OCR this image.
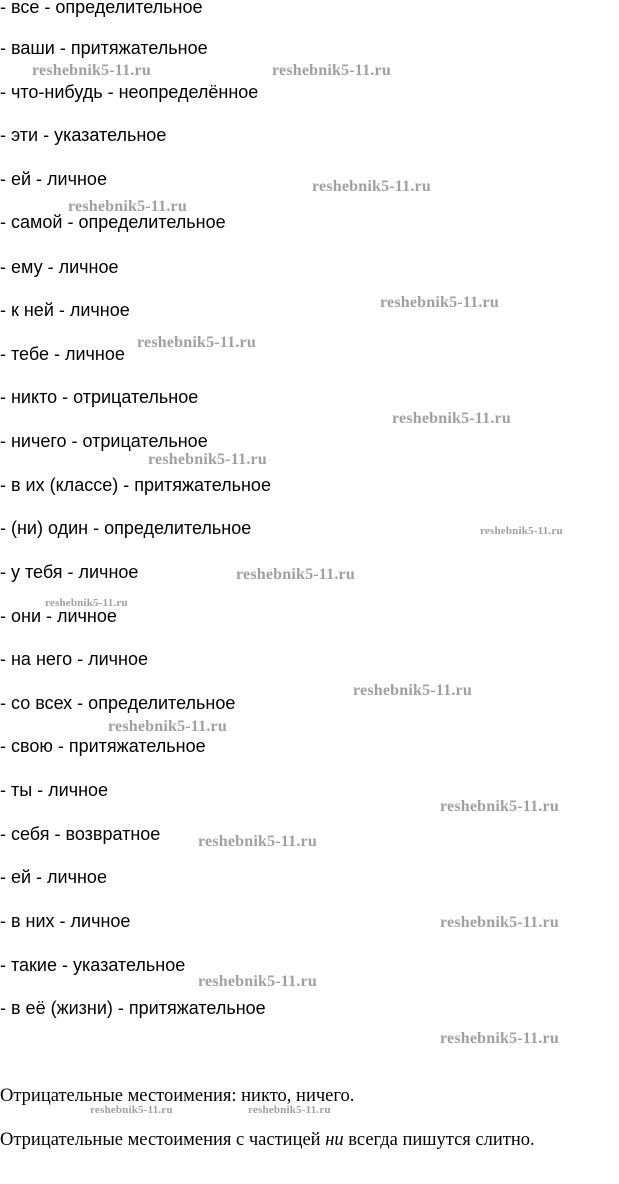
- все - определительное
- ваши - притяжательное
- что-нибудь - неопределённое
- эти - указательное
- ей - личное
- самой - определительное
- ему - личное
- к ней - личное
- тебе - личное
- никто - отрицательное
- ничего - отрицательное
- в их (классе) - притяжательное
- (ни) один - определительное
- у тебя - личное
- они - личное
- на него - личное
- со всех - определительное
- свою - притяжательное
- ты - личное
- себя - возвратное
- ей - личное
- в них - личное
- такие - указательное
- в её (жизни) - притяжательное

Отрицательные местоимения: никто, ничего.

Отрицательные местоимения с частицей ни всегда пишутся слитно.

reshebnik5-11.ru	reshebnik5-11.ru
reshebnik5-11.ru
reshebnik5-11.ru
reshebnik5-11.ru
reshebnik5-11.ru
reshebnik5-11.ru
reshebnik5-11.ru
reshebnik5-11.ru
reshebnik5-11.ru
reshebnik5-11.ru
reshebnik5-11.ru
reshebnik5-11.ru
reshebnik5-11.ru
reshebnik5-11.ru
reshebnik5-11.ru
reshebnik5-11.ru
reshebnik5-11.ru
reshebnik5-11.ru	reshebnik5-11.ru
